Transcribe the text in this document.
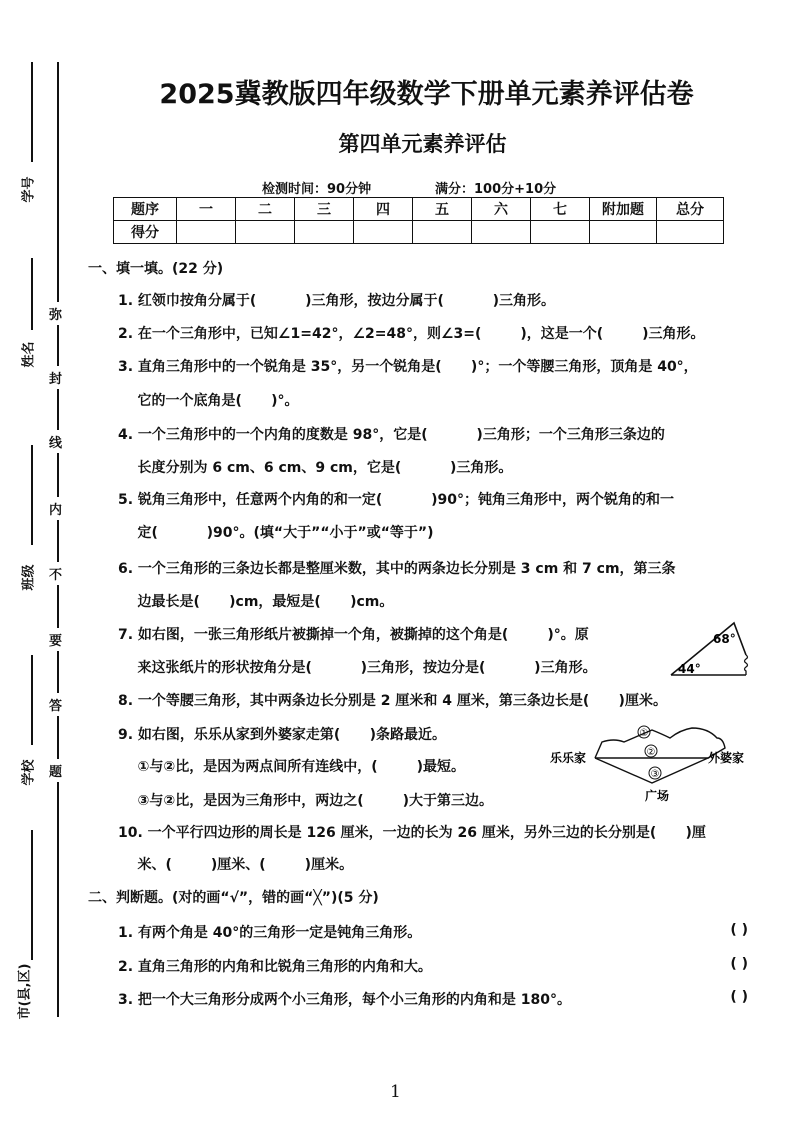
学号
姓名
班级
学校
市(县,区)
弥
封
线
内
不
要
答
题
2025冀教版四年级数学下册单元素养评估卷
第四单元素养评估
检测时间：90分钟	满分：100分+10分
题序	一	二	三	四	五	六	七	附加题	总分
得分									
一、填一填。(22 分)
1. 红领巾按角分属于(          )三角形，按边分属于(          )三角形。
2. 在一个三角形中，已知∠1=42°，∠2=48°，则∠3=(        )，这是一个(        )三角形。
3. 直角三角形中的一个锐角是 35°，另一个锐角是(      )°；一个等腰三角形，顶角是 40°，
它的一个底角是(      )°。
4. 一个三角形中的一个内角的度数是 98°，它是(          )三角形；一个三角形三条边的
长度分别为 6 cm、6 cm、9 cm，它是(          )三角形。
5. 锐角三角形中，任意两个内角的和一定(          )90°；钝角三角形中，两个锐角的和一
定(          )90°。(填“大于”“小于”或“等于”)
6. 一个三角形的三条边长都是整厘米数，其中的两条边长分别是 3 cm 和 7 cm，第三条
边最长是(      )cm，最短是(      )cm。
7. 如右图，一张三角形纸片被撕掉一个角，被撕掉的这个角是(        )°。原
来这张纸片的形状按角分是(          )三角形，按边分是(          )三角形。
8. 一个等腰三角形，其中两条边长分别是 2 厘米和 4 厘米，第三条边长是(      )厘米。
9. 如右图，乐乐从家到外婆家走第(      )条路最近。
①与②比，是因为两点间所有连线中，(        )最短。
③与②比，是因为三角形中，两边之(        )大于第三边。
10. 一个平行四边形的周长是 126 厘米，一边的长为 26 厘米，另外三边的长分别是(      )厘
米、(        )厘米、(        )厘米。
68°
44°
①
②
③
乐乐家	外婆家
广场
二、判断题。(对的画“√”，错的画“╳”)(5 分)
1. 有两个角是 40°的三角形一定是钝角三角形。	( )
2. 直角三角形的内角和比锐角三角形的内角和大。	( )
3. 把一个大三角形分成两个小三角形，每个小三角形的内角和是 180°。	( )
1
